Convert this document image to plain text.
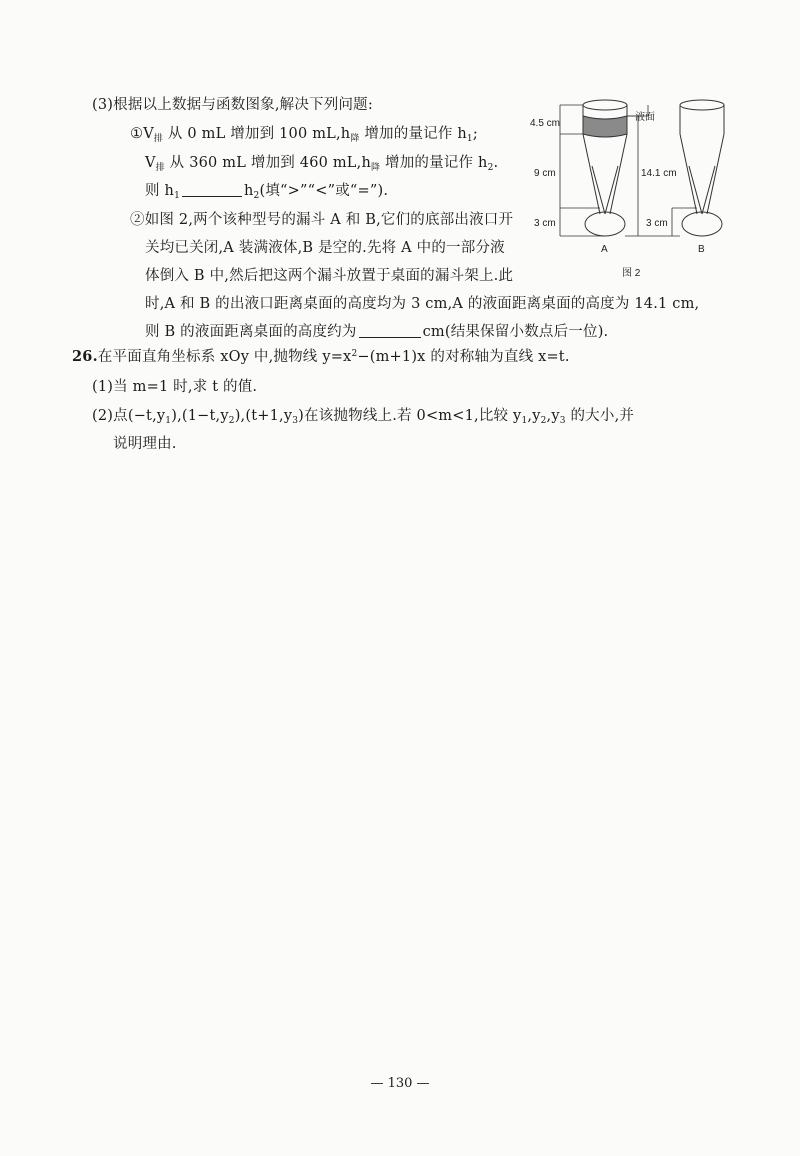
(3)根据以上数据与函数图象,解决下列问题:
$①V_排$ 从 0 mL 增加到 100 $mL,h_降$ 增加的量记作 $h_1$;
$V_排$ 从 360 mL 增加到 460 $mL,h_降$ 增加的量记作 $h_2$.
则 $h_1$	$h_2$(填“>”“<”或“=”).
②如图 2,两个该种型号的漏斗 A 和 B,它们的底部出液口开
关均已关闭,A 装满液体,B 是空的.先将 A 中的一部分液
体倒入 B 中,然后把这两个漏斗放置于桌面的漏斗架上.此
时,A 和 B 的出液口距离桌面的高度均为 3 cm,A 的液面距离桌面的高度为 14.1 cm,
则 B 的液面距离桌面的高度约为	cm(结果保留小数点后一位).
4.5 cm
9 cm	14.1 cm
3 cm	3 cm
液面
A	B
图 2
26.在平面直角坐标系 xOy 中,抛物线 $y=x^2-(m+1)x$ 的对称轴为直线 x=t.
(1)当 m=1 时,求 t 的值.
(2)点$(-t,y_1),(1-t,y_2),(t+1,y_3)$在该抛物线上.若 0<m<1,比较 $y_1,y_2,y_3$ 的大小,并
说明理由.
— 130 —
